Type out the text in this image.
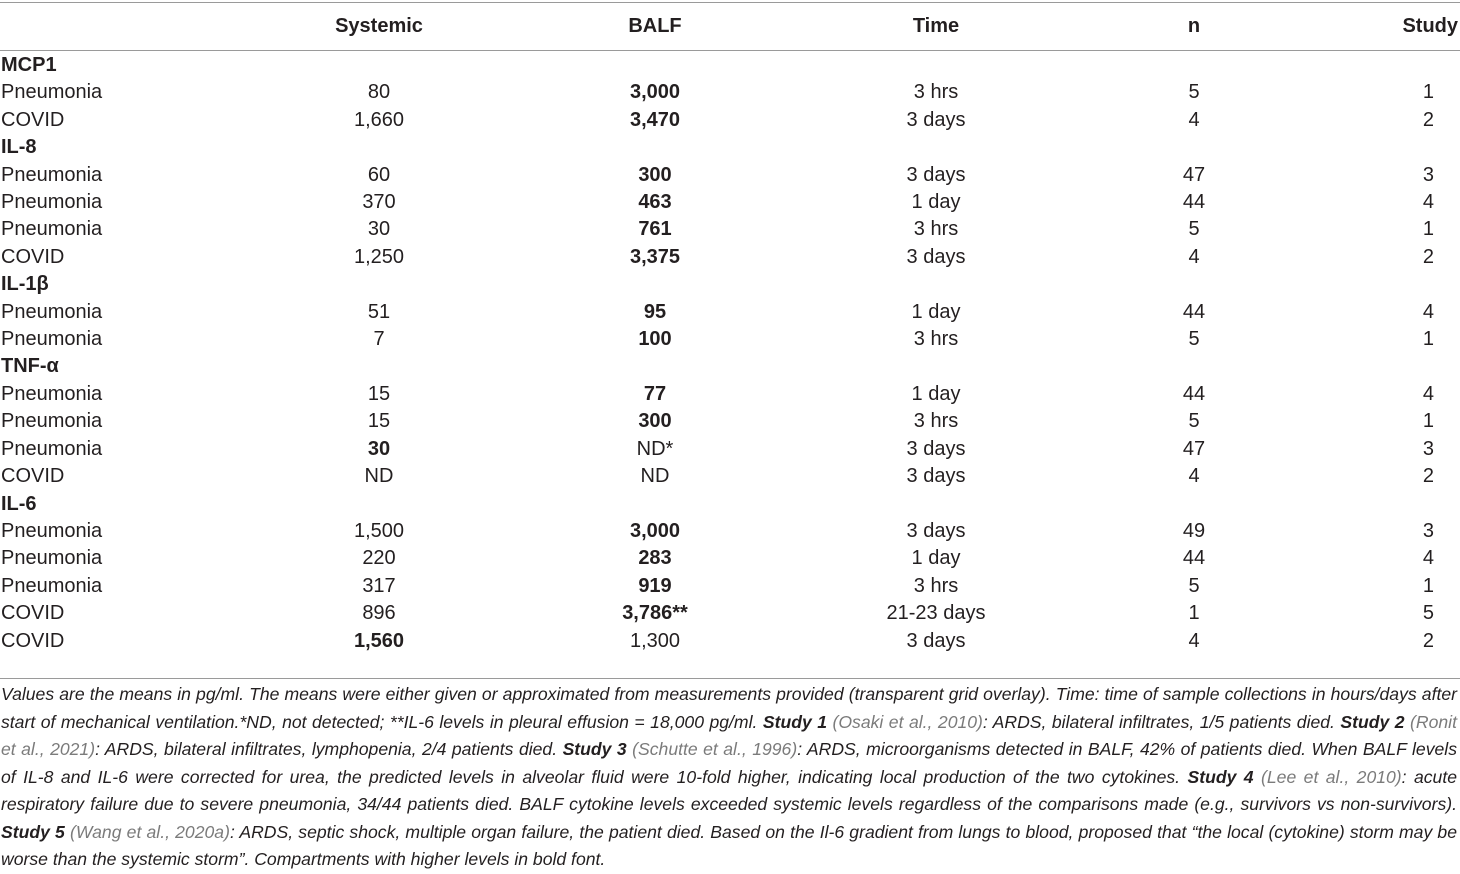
	Systemic	BALF	Time	n	Study
MCP1					
Pneumonia	80	3,000	3 hrs	5	1
COVID	1,660	3,470	3 days	4	2
IL-8					
Pneumonia	60	300	3 days	47	3
Pneumonia	370	463	1 day	44	4
Pneumonia	30	761	3 hrs	5	1
COVID	1,250	3,375	3 days	4	2
IL-1β					
Pneumonia	51	95	1 day	44	4
Pneumonia	7	100	3 hrs	5	1
TNF-α					
Pneumonia	15	77	1 day	44	4
Pneumonia	15	300	3 hrs	5	1
Pneumonia	30	ND*	3 days	47	3
COVID	ND	ND	3 days	4	2
IL-6					
Pneumonia	1,500	3,000	3 days	49	3
Pneumonia	220	283	1 day	44	4
Pneumonia	317	919	3 hrs	5	1
COVID	896	3,786**	21-23 days	1	5
COVID	1,560	1,300	3 days	4	2
Values are the means in pg/ml. The means were either given or approximated from measurements provided (transparent grid overlay). Time: time of sample collections in hours/days after start of mechanical ventilation.*ND, not detected; **IL-6 levels in pleural effusion = 18,000 pg/ml. Study 1 (Osaki et al., 2010): ARDS, bilateral infiltrates, 1/5 patients died. Study 2 (Ronit et al., 2021): ARDS, bilateral infiltrates, lymphopenia, 2/4 patients died. Study 3 (Schutte et al., 1996): ARDS, microorganisms detected in BALF, 42% of patients died. When BALF levels of IL-8 and IL-6 were corrected for urea, the predicted levels in alveolar fluid were 10-fold higher, indicating local production of the two cytokines. Study 4 (Lee et al., 2010): acute respiratory failure due to severe pneumonia, 34/44 patients died. BALF cytokine levels exceeded systemic levels regardless of the comparisons made (e.g., survivors vs non-survivors). Study 5 (Wang et al., 2020a): ARDS, septic shock, multiple organ failure, the patient died. Based on the Il-6 gradient from lungs to blood, proposed that “the local (cytokine) storm may be worse than the systemic storm”. Compartments with higher levels in bold font.
